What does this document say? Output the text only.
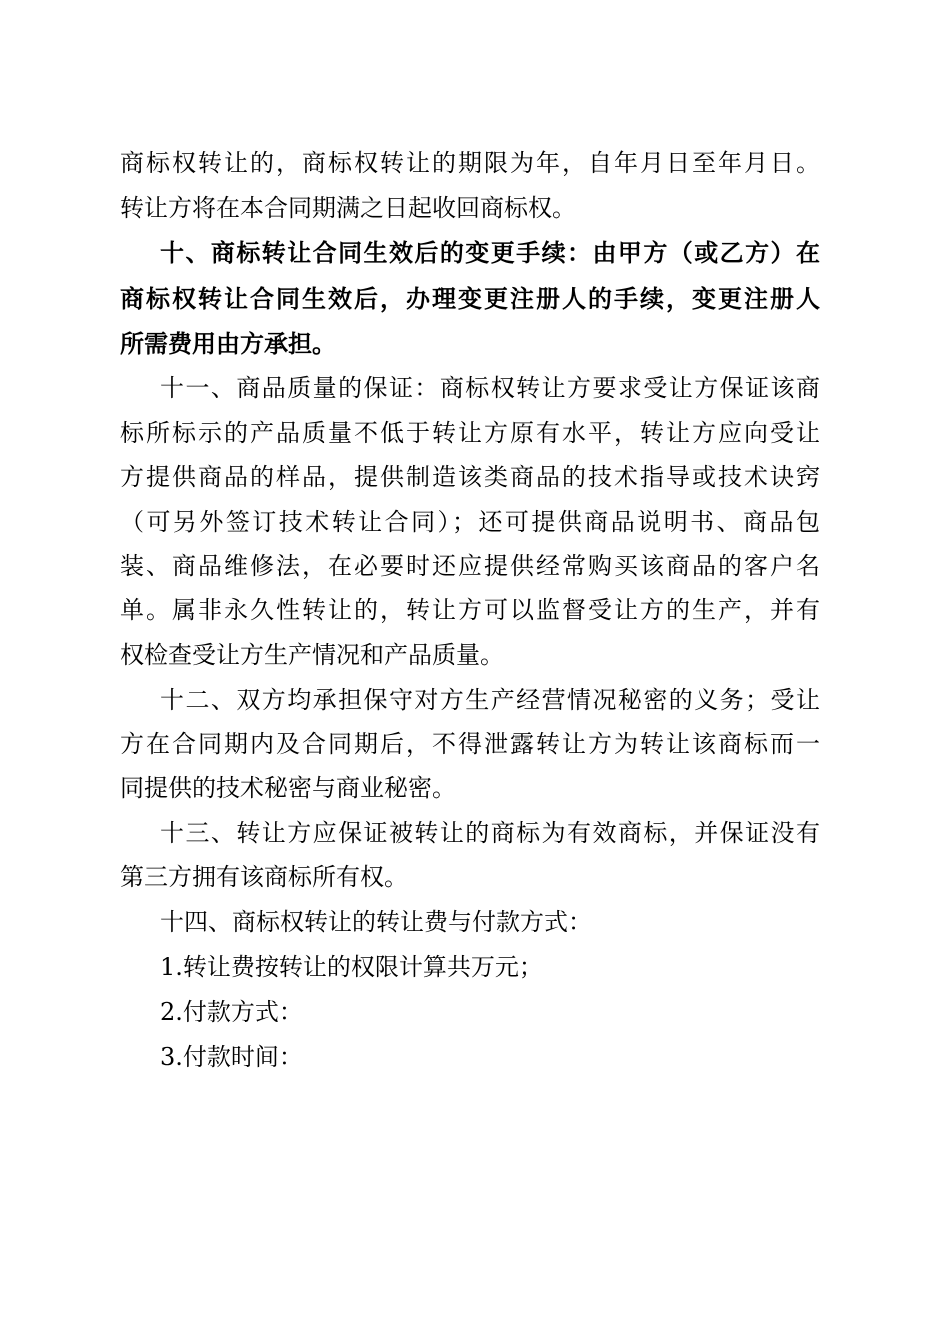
商标权转让的，商标权转让的期限为年，自年月日至年月日。
转让方将在本合同期满之日起收回商标权。
十、商标转让合同生效后的变更手续：由甲方（或乙方）在
商标权转让合同生效后，办理变更注册人的手续，变更注册人
所需费用由方承担。
十一、商品质量的保证：商标权转让方要求受让方保证该商
标所标示的产品质量不低于转让方原有水平，转让方应向受让
方提供商品的样品，提供制造该类商品的技术指导或技术诀窍
（可另外签订技术转让合同）；还可提供商品说明书、商品包
装、商品维修法，在必要时还应提供经常购买该商品的客户名
单。属非永久性转让的，转让方可以监督受让方的生产，并有
权检查受让方生产情况和产品质量。
十二、双方均承担保守对方生产经营情况秘密的义务；受让
方在合同期内及合同期后，不得泄露转让方为转让该商标而一
同提供的技术秘密与商业秘密。
十三、转让方应保证被转让的商标为有效商标，并保证没有
第三方拥有该商标所有权。
十四、商标权转让的转让费与付款方式：
1.转让费按转让的权限计算共万元；
2.付款方式：
3.付款时间：
